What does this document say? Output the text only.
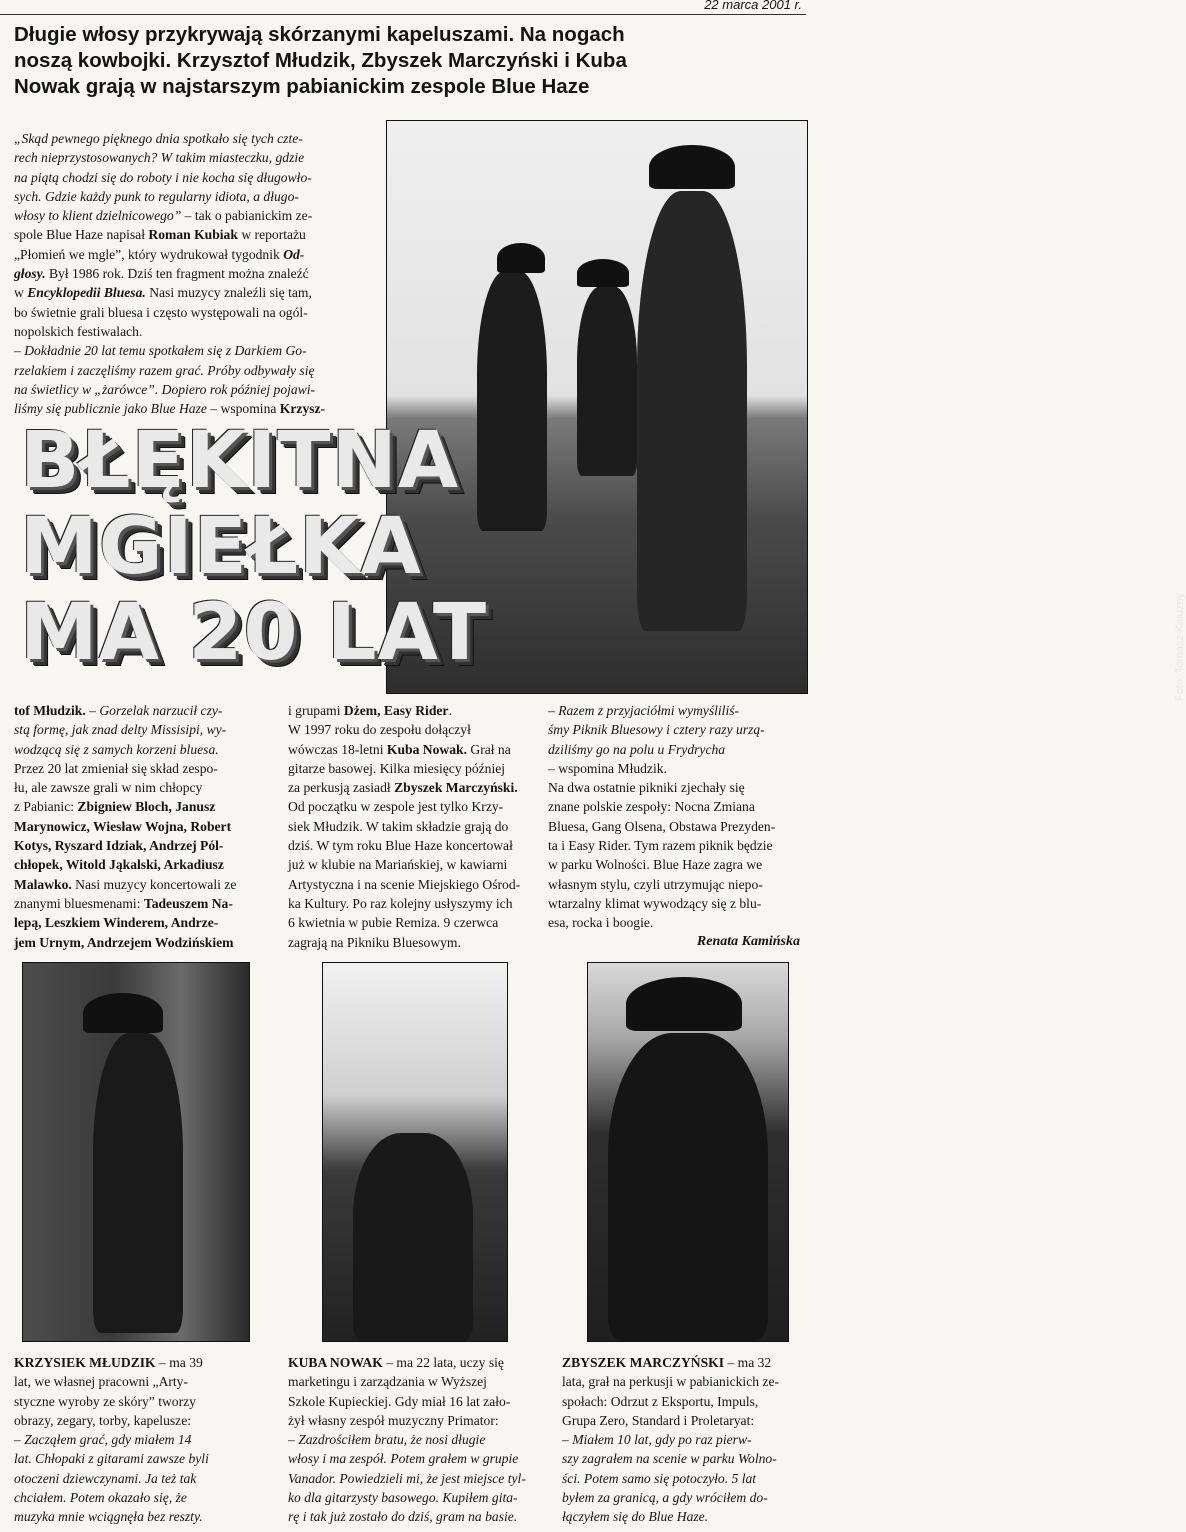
22 marca 2001 r.
Długie włosy przykrywają skórzanymi kapeluszami. Na nogach
noszą kowbojki. Krzysztof Młudzik, Zbyszek Marczyński i Kuba
Nowak grają w najstarszym pabianickim zespole Blue Haze
„Skąd pewnego pięknego dnia spotkało się tych czte-
rech nieprzystosowanych? W takim miasteczku, gdzie
na piątą chodzi się do roboty i nie kocha się długowło-
sych. Gdzie każdy punk to regularny idiota, a długo-
włosy to klient dzielnicowego” – tak o pabianickim ze-
spole Blue Haze napisał Roman Kubiak w reportażu
„Płomień we mgle”, który wydrukował tygodnik Od-
głosy. Był 1986 rok. Dziś ten fragment można znaleźć
w Encyklopedii Bluesa. Nasi muzycy znaleźli się tam,
bo świetnie grali bluesa i często występowali na ogól-
nopolskich festiwalach.
– Dokładnie 20 lat temu spotkałem się z Darkiem Go-
rzelakiem i zaczęliśmy razem grać. Próby odbywały się
na świetlicy w „żarówce”. Dopiero rok później pojawi-
liśmy się publicznie jako Blue Haze – wspomina Krzysz-
Foto: Tomasz Kałużny
BŁĘKITNA
MGIEŁKA
MA 20 LAT
tof Młudzik. – Gorzelak narzucił czy-
stą formę, jak znad delty Missisipi, wy-
wodzącą się z samych korzeni bluesa.
Przez 20 lat zmieniał się skład zespo-
łu, ale zawsze grali w nim chłopcy
z Pabianic: Zbigniew Bloch, Janusz
Marynowicz, Wiesław Wojna, Robert
Kotys, Ryszard Idziak, Andrzej Pól-
chłopek, Witold Jąkalski, Arkadiusz
Malawko. Nasi muzycy koncertowali ze
znanymi bluesmenami: Tadeuszem Na-
lepą, Leszkiem Winderem, Andrze-
jem Urnym, Andrzejem Wodzińskiem
i grupami Dżem, Easy Rider.
W 1997 roku do zespołu dołączył
wówczas 18-letni Kuba Nowak. Grał na
gitarze basowej. Kilka miesięcy później
za perkusją zasiadł Zbyszek Marczyński.
Od początku w zespole jest tylko Krzy-
siek Młudzik. W takim składzie grają do
dziś. W tym roku Blue Haze koncertował
już w klubie na Mariańskiej, w kawiarni
Artystyczna i na scenie Miejskiego Ośrod-
ka Kultury. Po raz kolejny usłyszymy ich
6 kwietnia w pubie Remiza. 9 czerwca
zagrają na Pikniku Bluesowym.
– Razem z przyjaciółmi wymyśliliś-
śmy Piknik Bluesowy i cztery razy urzą-
dziliśmy go na polu u Frydrycha
– wspomina Młudzik.
Na dwa ostatnie pikniki zjechały się
znane polskie zespoły: Nocna Zmiana
Bluesa, Gang Olsena, Obstawa Prezyden-
ta i Easy Rider. Tym razem piknik będzie
w parku Wolności. Blue Haze zagra we
własnym stylu, czyli utrzymując niepo-
wtarzalny klimat wywodzący się z blu-
esa, rocka i boogie.
Renata Kamińska
KRZYSIEK MŁUDZIK – ma 39
lat, we własnej pracowni „Arty-
styczne wyroby ze skóry” tworzy
obrazy, zegary, torby, kapelusze:
– Zacząłem grać, gdy miałem 14
lat. Chłopaki z gitarami zawsze byli
otoczeni dziewczynami. Ja też tak
chciałem. Potem okazało się, że
muzyka mnie wciągnęła bez reszty.
KUBA NOWAK – ma 22 lata, uczy się
marketingu i zarządzania w Wyższej
Szkole Kupieckiej. Gdy miał 16 lat zało-
żył własny zespół muzyczny Primator:
– Zazdrościłem bratu, że nosi długie
włosy i ma zespół. Potem grałem w grupie
Vanador. Powiedzieli mi, że jest miejsce tyl-
ko dla gitarzysty basowego. Kupiłem gita-
rę i tak już zostało do dziś, gram na basie.
ZBYSZEK MARCZYŃSKI – ma 32
lata, grał na perkusji w pabianickich ze-
społach: Odrzut z Eksportu, Impuls,
Grupa Zero, Standard i Proletaryat:
– Miałem 10 lat, gdy po raz pierw-
szy zagrałem na scenie w parku Wolno-
ści. Potem samo się potoczyło. 5 lat
byłem za granicą, a gdy wróciłem do-
łączyłem się do Blue Haze.
